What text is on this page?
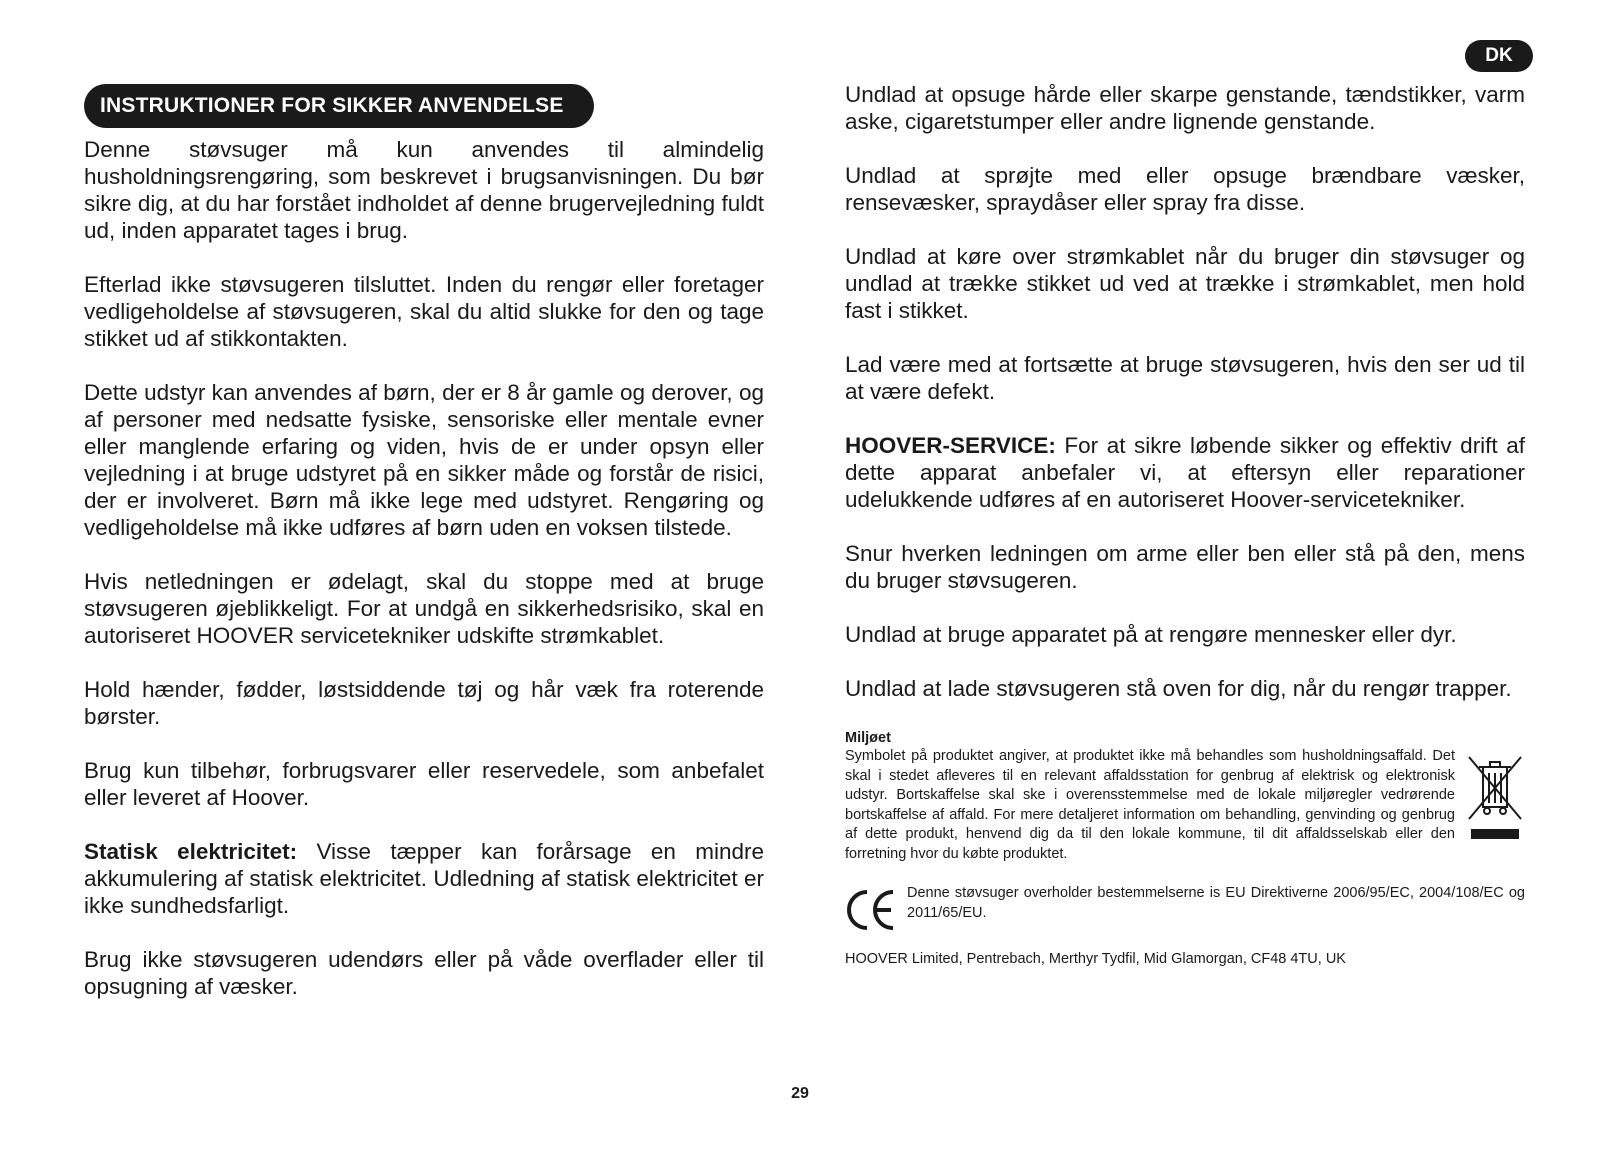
DK
INSTRUKTIONER FOR SIKKER ANVENDELSE

Denne støvsuger må kun anvendes til almindelig husholdningsrengøring, som beskrevet i brugsanvisningen. Du bør sikre dig, at du har forstået indholdet af denne brugervejledning fuldt ud, inden apparatet tages i brug.

Efterlad ikke støvsugeren tilsluttet. Inden du rengør eller foretager vedligeholdelse af støvsugeren, skal du altid slukke for den og tage stikket ud af stikkontakten.

Dette udstyr kan anvendes af børn, der er 8 år gamle og derover, og af personer med nedsatte fysiske, sensoriske eller mentale evner eller manglende erfaring og viden, hvis de er under opsyn eller vejledning i at bruge udstyret på en sikker måde og forstår de risici, der er involveret. Børn må ikke lege med udstyret. Rengøring og vedligeholdelse må ikke udføres af børn uden en voksen tilstede.

Hvis netledningen er ødelagt, skal du stoppe med at bruge støvsugeren øjeblikkeligt. For at undgå en sikkerhedsrisiko, skal en autoriseret HOOVER servicetekniker udskifte strømkablet.

Hold hænder, fødder, løstsiddende tøj og hår væk fra roterende børster.

Brug kun tilbehør, forbrugsvarer eller reservedele, som anbefalet eller leveret af Hoover.

Statisk elektricitet: Visse tæpper kan forårsage en mindre akkumulering af statisk elektricitet. Udledning af statisk elektricitet er ikke sundhedsfarligt.

Brug ikke støvsugeren udendørs eller på våde overflader eller til opsugning af væsker.

Undlad at opsuge hårde eller skarpe genstande, tændstikker, varm aske, cigaretstumper eller andre lignende genstande.

Undlad at sprøjte med eller opsuge brændbare væsker, rensevæsker, spraydåser eller spray fra disse.

Undlad at køre over strømkablet når du bruger din støvsuger og undlad at trække stikket ud ved at trække i strømkablet, men hold fast i stikket.

Lad være med at fortsætte at bruge støvsugeren, hvis den ser ud til at være defekt.

HOOVER-SERVICE: For at sikre løbende sikker og effektiv drift af dette apparat anbefaler vi, at eftersyn eller reparationer udelukkende udføres af en autoriseret Hoover-servicetekniker.

Snur hverken ledningen om arme eller ben eller stå på den, mens du bruger støvsugeren.

Undlad at bruge apparatet på at rengøre mennesker eller dyr.

Undlad at lade støvsugeren stå oven for dig, når du rengør trapper.

Miljøet

Symbolet på produktet angiver, at produktet ikke må behandles som husholdningsaffald. Det skal i stedet afleveres til en relevant affaldsstation for genbrug af elektrisk og elektronisk udstyr. Bortskaffelse skal ske i overensstemmelse med de lokale miljøregler vedrørende bortskaffelse af affald. For mere detaljeret information om behandling, genvinding og genbrug af dette produkt, henvend dig da til den lokale kommune, til dit affaldsselskab eller den forretning hvor du købte produktet.

Denne støvsuger overholder bestemmelserne is EU Direktiverne 2006/95/EC, 2004/108/EC og 2011/65/EU.

HOOVER Limited, Pentrebach, Merthyr Tydfil, Mid Glamorgan, CF48 4TU, UK

29
